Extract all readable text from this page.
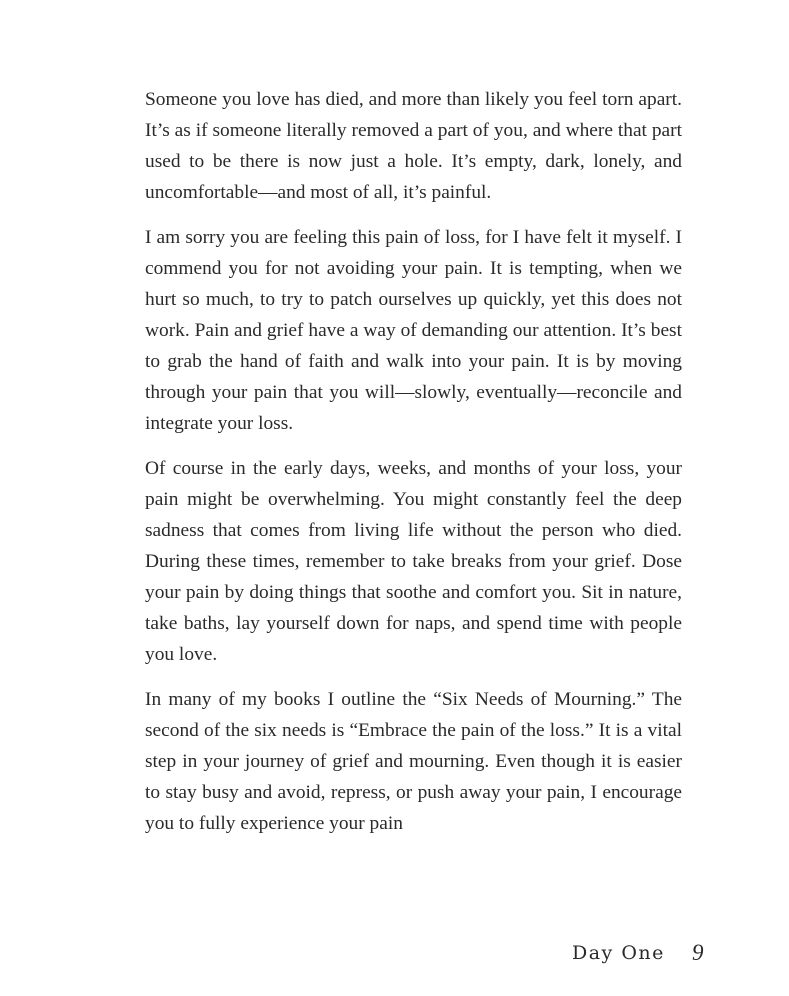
Someone you love has died, and more than likely you feel torn apart. It’s as if someone literally removed a part of you, and where that part used to be there is now just a hole. It’s empty, dark, lonely, and uncomfortable—and most of all, it’s painful.

I am sorry you are feeling this pain of loss, for I have felt it myself. I commend you for not avoiding your pain. It is tempting, when we hurt so much, to try to patch ourselves up quickly, yet this does not work. Pain and grief have a way of demanding our attention. It’s best to grab the hand of faith and walk into your pain. It is by moving through your pain that you will—slowly, eventually—reconcile and integrate your loss.

Of course in the early days, weeks, and months of your loss, your pain might be overwhelming. You might constantly feel the deep sadness that comes from living life without the person who died. During these times, remember to take breaks from your grief. Dose your pain by doing things that soothe and comfort you. Sit in nature, take baths, lay yourself down for naps, and spend time with people you love.

In many of my books I outline the “Six Needs of Mourning.” The second of the six needs is “Embrace the pain of the loss.” It is a vital step in your journey of grief and mourning. Even though it is easier to stay busy and avoid, repress, or push away your pain, I encourage you to fully experience your pain

Day One 9
